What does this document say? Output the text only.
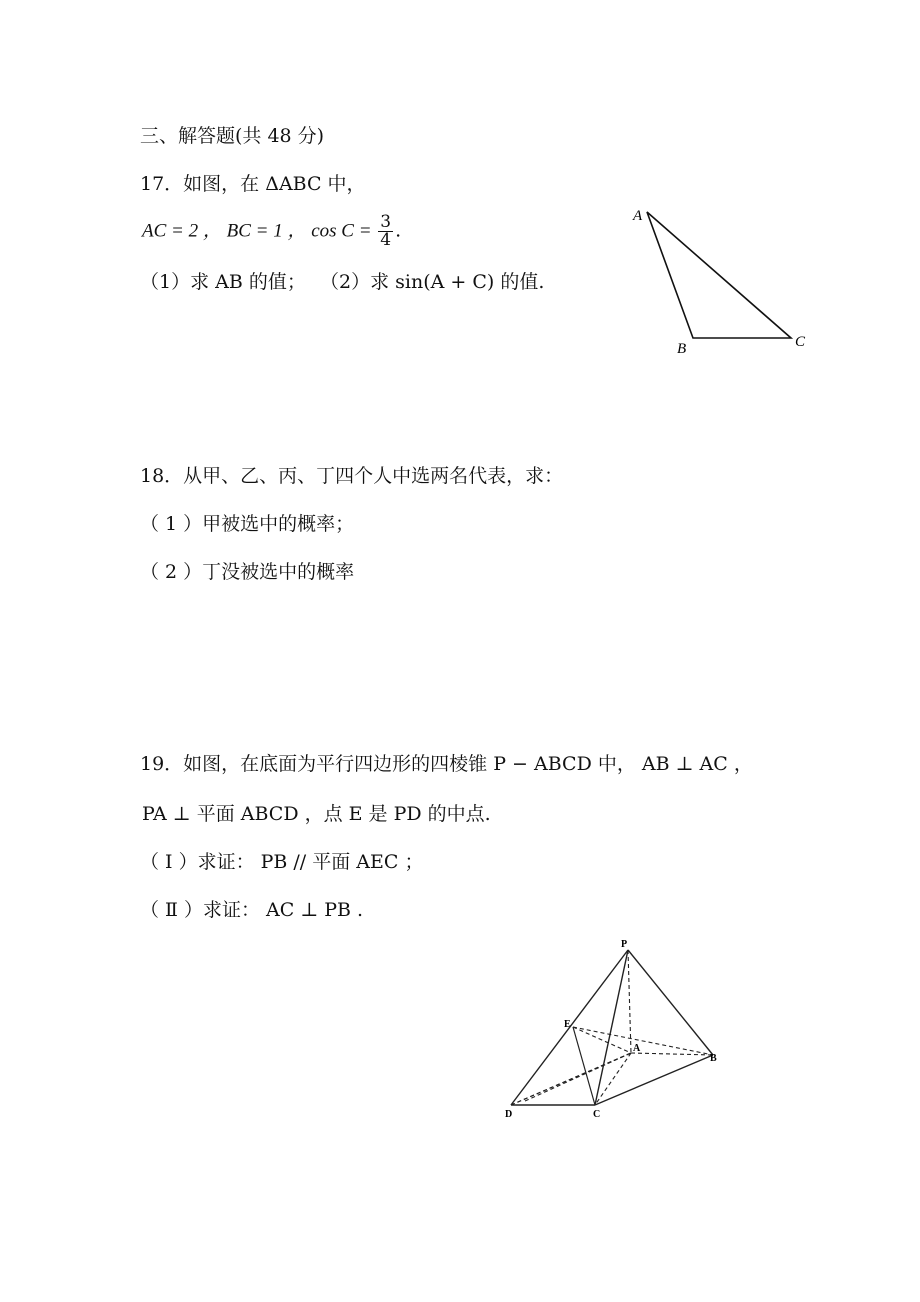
三、解答题(共 48 分)
17．如图，在 ΔABC 中，
AC = 2 ， BC = 1 ， $\cos C = \frac{3}{4}$ .
（1）求 AB 的值； （2）求 sin(A + C) 的值.
A
B	C
18．从甲、乙、丙、丁四个人中选两名代表，求：
（ 1 ）甲被选中的概率；
（ 2 ）丁没被选中的概率
19．如图，在底面为平行四边形的四棱锥 P − ABCD 中， AB ⊥ AC ，
PA ⊥ 平面 ABCD ，点 E 是 PD 的中点.
（ Ⅰ ）求证： PB // 平面 AEC ；
（ Ⅱ ）求证： AC ⊥ PB .
P
E
A
B
C
D
